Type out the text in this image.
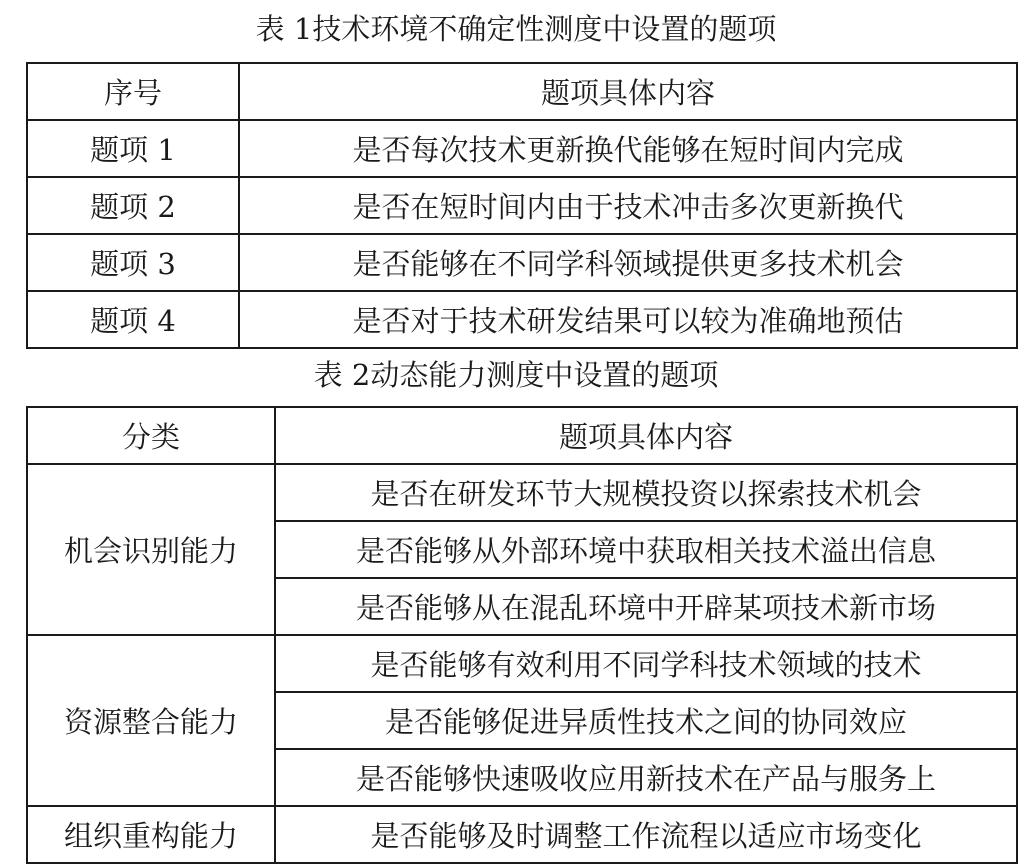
表 1技术环境不确定性测度中设置的题项
序号	题项具体内容
题项 1	是否每次技术更新换代能够在短时间内完成
题项 2	是否在短时间内由于技术冲击多次更新换代
题项 3	是否能够在不同学科领域提供更多技术机会
题项 4	是否对于技术研发结果可以较为准确地预估
表 2动态能力测度中设置的题项
分类	题项具体内容
机会识别能力	是否在研发环节大规模投资以探索技术机会
	是否能够从外部环境中获取相关技术溢出信息
	是否能够从在混乱环境中开辟某项技术新市场
资源整合能力	是否能够有效利用不同学科技术领域的技术
	是否能够促进异质性技术之间的协同效应
	是否能够快速吸收应用新技术在产品与服务上
组织重构能力	是否能够及时调整工作流程以适应市场变化
